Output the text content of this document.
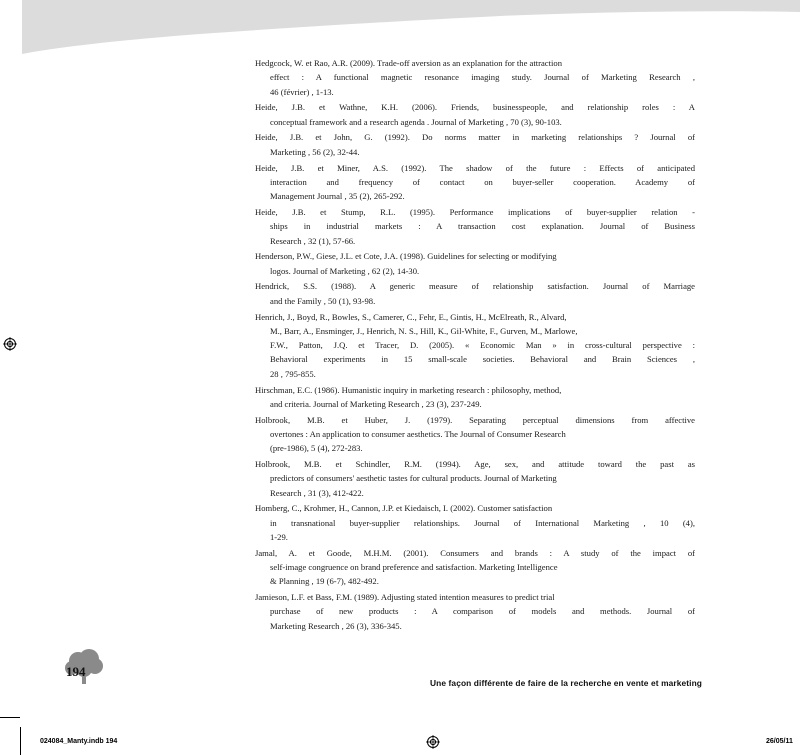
Hedgcock, W. et Rao, A.R. (2009). Trade-off aversion as an explanation for the attraction
effect : A functional magnetic resonance imaging study. Journal of Marketing Research ,
46 (février) , 1-13.
Heide, J.B. et Wathne, K.H. (2006). Friends, businesspeople, and relationship roles : A
conceptual framework and a research agenda . Journal of Marketing , 70 (3), 90-103.
Heide, J.B. et John, G. (1992). Do norms matter in marketing relationships ? Journal of
Marketing , 56 (2), 32-44.
Heide, J.B. et Miner, A.S. (1992). The shadow of the future : Effects of anticipated
interaction and frequency of contact on buyer-seller cooperation. Academy of
Management Journal , 35 (2), 265-292.
Heide, J.B. et Stump, R.L. (1995). Performance implications of buyer-supplier relation -
ships in industrial markets : A transaction cost explanation. Journal of Business
Research , 32 (1), 57-66.
Henderson, P.W., Giese, J.L. et Cote, J.A. (1998). Guidelines for selecting or modifying
logos. Journal of Marketing , 62 (2), 14-30.
Hendrick, S.S. (1988). A generic measure of relationship satisfaction. Journal of Marriage
and the Family , 50 (1), 93-98.
Henrich, J., Boyd, R., Bowles, S., Camerer, C., Fehr, E., Gintis, H., McElreath, R., Alvard,
M., Barr, A., Ensminger, J., Henrich, N. S., Hill, K., Gil-White, F., Gurven, M., Marlowe,
F.W., Patton, J.Q. et Tracer, D. (2005). « Economic Man » in cross-cultural perspective :
Behavioral experiments in 15 small-scale societies. Behavioral and Brain Sciences ,
28 , 795-855.
Hirschman, E.C. (1986). Humanistic inquiry in marketing research : philosophy, method,
and criteria. Journal of Marketing Research , 23 (3), 237-249.
Holbrook, M.B. et Huber, J. (1979). Separating perceptual dimensions from affective
overtones : An application to consumer aesthetics. The Journal of Consumer Research
(pre-1986), 5 (4), 272-283.
Holbrook, M.B. et Schindler, R.M. (1994). Age, sex, and attitude toward the past as
predictors of consumers' aesthetic tastes for cultural products. Journal of Marketing
Research , 31 (3), 412-422.
Homberg, C., Krohmer, H., Cannon, J.P. et Kiedaisch, I. (2002). Customer satisfaction
in transnational buyer-supplier relationships. Journal of International Marketing , 10 (4),
1-29.
Jamal, A. et Goode, M.H.M. (2001). Consumers and brands : A study of the impact of
self-image congruence on brand preference and satisfaction. Marketing Intelligence
& Planning , 19 (6-7), 482-492.
Jamieson, L.F. et Bass, F.M. (1989). Adjusting stated intention measures to predict trial
purchase of new products : A comparison of models and methods. Journal of
Marketing Research , 26 (3), 336-345.
194
Une façon différente de faire de la recherche en vente et marketing
024084_Manty.indb 194	26/05/11
